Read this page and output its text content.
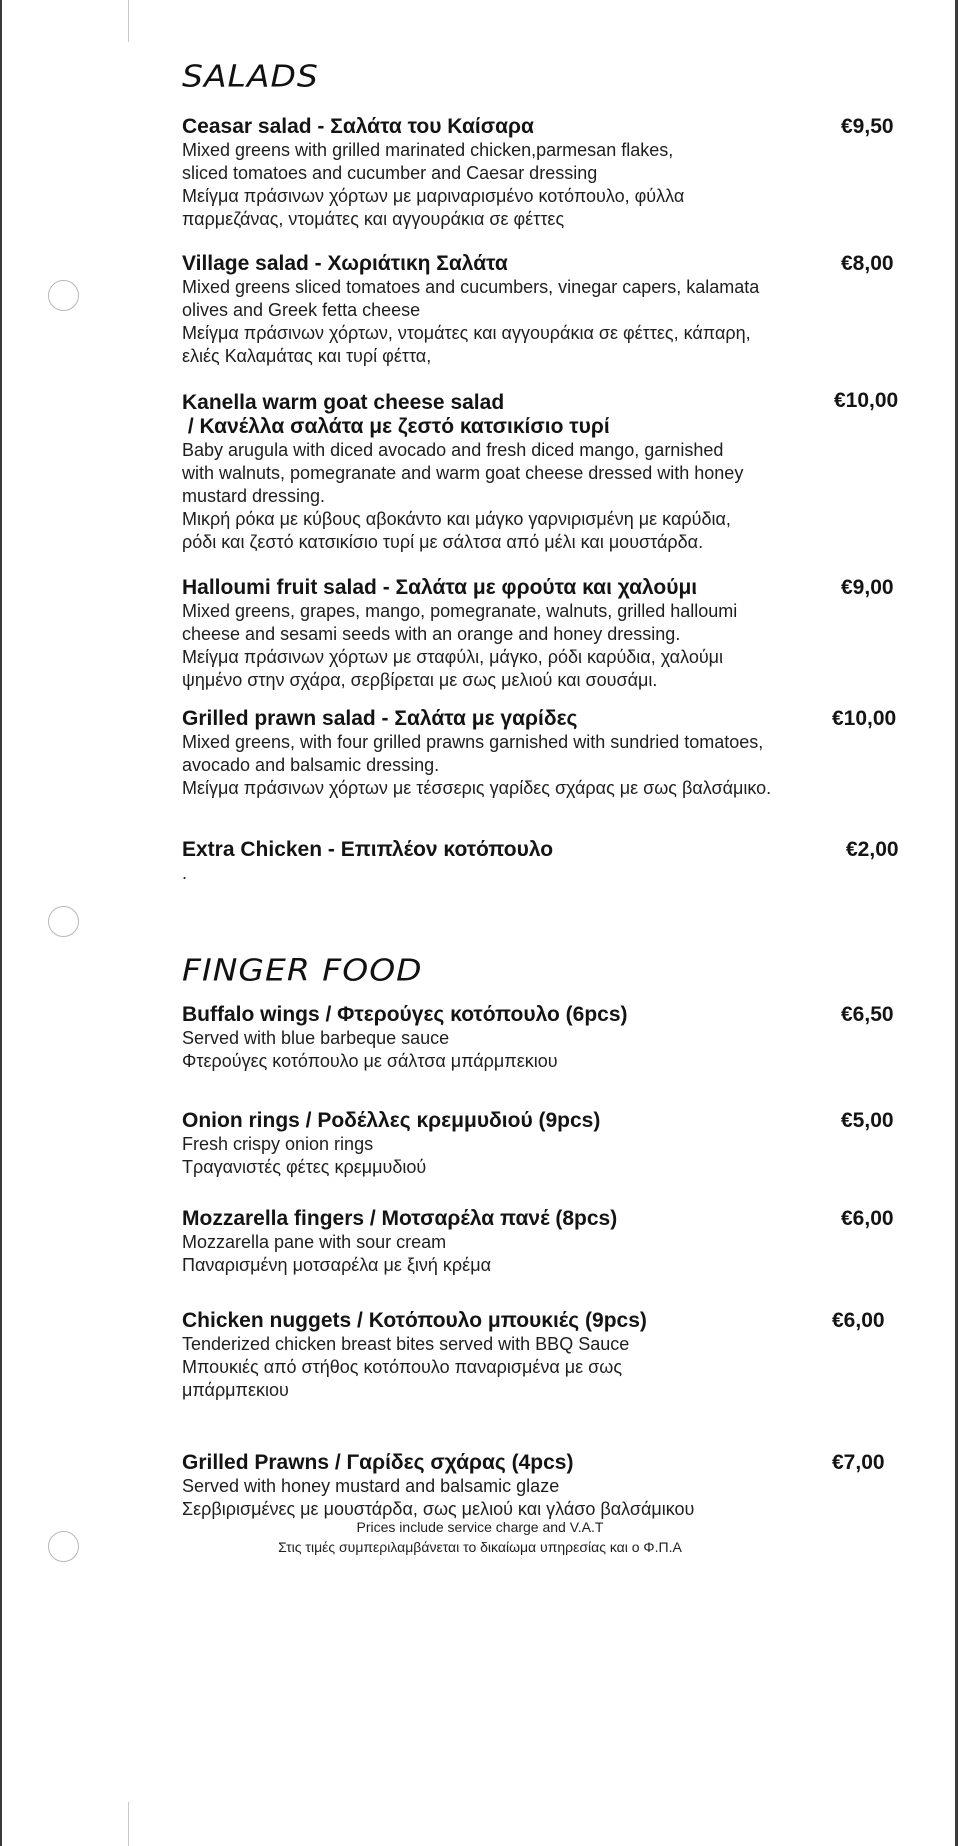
SALADS
Ceasar salad - Σαλάτα του Καίσαρα
Mixed greens with grilled marinated chicken,parmesan flakes,
sliced tomatoes and cucumber and Caesar dressing
Μείγμα πράσινων χόρτων με μαριναρισμένο κοτόπουλο, φύλλα
παρμεζάνας, ντομάτες και αγγουράκια σε φέττες
€9,50
Village salad - Χωριάτικη Σαλάτα
Mixed greens sliced tomatoes and cucumbers, vinegar capers, kalamata
olives and Greek fetta cheese
Μείγμα πράσινων χόρτων, ντομάτες και αγγουράκια σε φέττες, κάπαρη,
ελιές Καλαμάτας και τυρί φέττα,
€8,00
Kanella warm goat cheese salad
/ Κανέλλα σαλάτα με ζεστό κατσικίσιο τυρί
Baby arugula with diced avocado and fresh diced mango, garnished
with walnuts, pomegranate and warm goat cheese dressed with honey
mustard dressing.
Μικρή ρόκα με κύβους αβοκάντο και μάγκο γαρνιρισμένη με καρύδια,
ρόδι και ζεστό κατσικίσιο τυρί με σάλτσα από μέλι και μουστάρδα.
€10,00
Halloumi fruit salad - Σαλάτα με φρούτα και χαλούμι
Mixed greens, grapes, mango, pomegranate, walnuts, grilled halloumi
cheese and sesami seeds with an orange and honey dressing.
Μείγμα πράσινων χόρτων με σταφύλι, μάγκο, ρόδι καρύδια, χαλούμι
ψημένο στην σχάρα, σερβίρεται με σως μελιού και σουσάμι.
€9,00
Grilled prawn salad - Σαλάτα με γαρίδες
Mixed greens, with four grilled prawns garnished with sundried tomatoes,
avocado and balsamic dressing.
Μείγμα πράσινων χόρτων με τέσσερις γαρίδες σχάρας με σως βαλσάμικο.
€10,00
Extra Chicken - Επιπλέον κοτόπουλο
.
€2,00
FINGER FOOD
Buffalo wings / Φτερούγες κοτόπουλο (6pcs)
Served with blue barbeque sauce
Φτερούγες κοτόπουλο με σάλτσα μπάρμπεκιου
€6,50
Onion rings / Ροδέλλες κρεμμυδιού (9pcs)
Fresh crispy onion rings
Τραγανιστές φέτες κρεμμυδιού
€5,00
Mozzarella fingers / Μοτσαρέλα πανέ (8pcs)
Mozzarella pane with sour cream
Παναρισμένη μοτσαρέλα με ξινή κρέμα
€6,00
Chicken nuggets / Κοτόπουλο μπουκιές (9pcs)
Tenderized chicken breast bites served with BBQ Sauce
Μπουκιές από στήθος κοτόπουλο παναρισμένα με σως
μπάρμπεκιου
€6,00
Grilled Prawns / Γαρίδες σχάρας (4pcs)
Served with honey mustard and balsamic glaze
Σερβιρισμένες με μουστάρδα, σως μελιού και γλάσο βαλσάμικου
€7,00
Prices include service charge and V.A.T
Στις τιμές συμπεριλαμβάνεται το δικαίωμα υπηρεσίας και ο Φ.Π.Α
